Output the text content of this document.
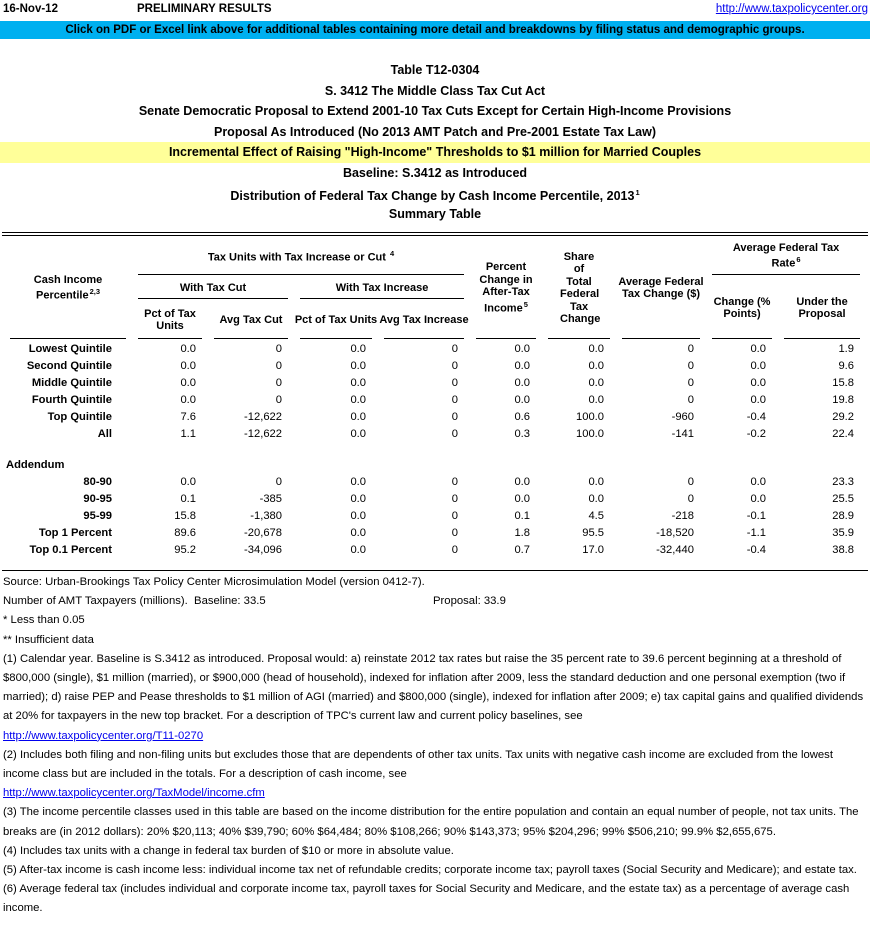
16-Nov-12	PRELIMINARY RESULTS	http://www.taxpolicycenter.org
Click on PDF or Excel link above for additional tables containing more detail and breakdowns by filing status and demographic groups.
Table T12-0304
S. 3412 The Middle Class Tax Cut Act
Senate Democratic Proposal to Extend 2001-10 Tax Cuts Except for Certain High-Income Provisions
Proposal As Introduced (No 2013 AMT Patch and Pre-2001 Estate Tax Law)
Incremental Effect of Raising "High-Income" Thresholds to $1 million for Married Couples
Baseline: S.3412 as Introduced
Distribution of Federal Tax Change by Cash Income Percentile, 2013$^1$
Summary Table
Cash Income Percentile$^{2,3}$	Tax Units with Tax Increase or Cut $^4$				Percent Change in After-Tax Income$^5$	Share of Total Federal Tax Change	Average Federal Tax Change ($)	Average Federal Tax Rate$^6$
	With Tax Cut		With Tax Increase					Change (% Points)	Under the Proposal
	Pct of Tax Units	Avg Tax Cut	Pct of Tax Units	Avg Tax Increase					
Lowest Quintile	0.0	0	0.0	0	0.0	0.0	0	0.0	1.9
Second Quintile	0.0	0	0.0	0	0.0	0.0	0	0.0	9.6
Middle Quintile	0.0	0	0.0	0	0.0	0.0	0	0.0	15.8
Fourth Quintile	0.0	0	0.0	0	0.0	0.0	0	0.0	19.8
Top Quintile	7.6	-12,622	0.0	0	0.6	100.0	-960	-0.4	29.2
All	1.1	-12,622	0.0	0	0.3	100.0	-141	-0.2	22.4

Addendum									
80-90	0.0	0	0.0	0	0.0	0.0	0	0.0	23.3
90-95	0.1	-385	0.0	0	0.0	0.0	0	0.0	25.5
95-99	15.8	-1,380	0.0	0	0.1	4.5	-218	-0.1	28.9
Top 1 Percent	89.6	-20,678	0.0	0	1.8	95.5	-18,520	-1.1	35.9
Top 0.1 Percent	95.2	-34,096	0.0	0	0.7	17.0	-32,440	-0.4	38.8

Source: Urban-Brookings Tax Policy Center Microsimulation Model (version 0412-7).
Number of AMT Taxpayers (millions).  Baseline: 33.5	Proposal: 33.9
* Less than 0.05
** Insufficient data
(1) Calendar year. Baseline is S.3412 as introduced. Proposal would: a) reinstate 2012 tax rates but raise the 35 percent rate to 39.6 percent beginning at a threshold of $800,000 (single), $1 million (married), or $900,000 (head of household), indexed for inflation after 2009, less the standard deduction and one personal exemption (two if married); d) raise PEP and Pease thresholds to $1 million of AGI (married) and $800,000 (single), indexed for inflation after 2009; e) tax capital gains and qualified dividends at 20% for taxpayers in the new top bracket. For a description of TPC's current law and current policy baselines, see
http://www.taxpolicycenter.org/T11-0270
(2) Includes both filing and non-filing units but excludes those that are dependents of other tax units. Tax units with negative cash income are excluded from the lowest income class but are included in the totals. For a description of cash income, see
http://www.taxpolicycenter.org/TaxModel/income.cfm
(3) The income percentile classes used in this table are based on the income distribution for the entire population and contain an equal number of people, not tax units. The breaks are (in 2012 dollars): 20% $20,113; 40% $39,790; 60% $64,484; 80% $108,266; 90% $143,373; 95% $204,296; 99% $506,210; 99.9% $2,655,675.
(4) Includes tax units with a change in federal tax burden of $10 or more in absolute value.
(5) After-tax income is cash income less: individual income tax net of refundable credits; corporate income tax; payroll taxes (Social Security and Medicare); and estate tax.
(6) Average federal tax (includes individual and corporate income tax, payroll taxes for Social Security and Medicare, and the estate tax) as a percentage of average cash income.
